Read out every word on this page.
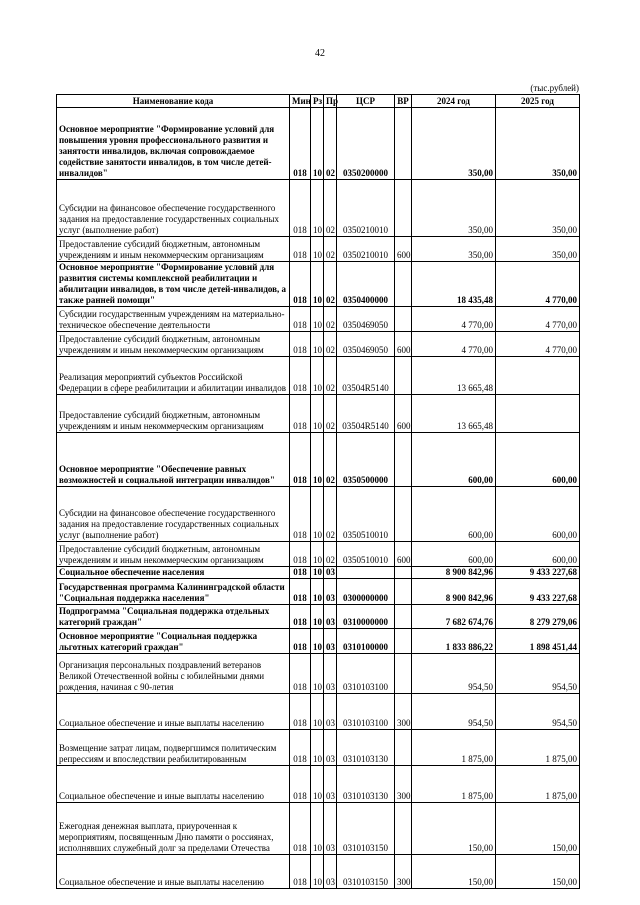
42
(тыс.рублей)
Наименование кода	Мин	Рз	Пр	ЦСР	ВР	2024 год	2025 год
Основное мероприятие "Формирование условий для повышения уровня профессионального развития и занятости инвалидов, включая сопровождаемое содействие занятости инвалидов, в том числе детей-инвалидов"	018	10	02	0350200000		350,00	350,00
Субсидии на финансовое обеспечение государственного задания на предоставление государственных социальных услуг (выполнение работ)	018	10	02	0350210010		350,00	350,00
Предоставление субсидий бюджетным, автономным учреждениям и иным некоммерческим организациям	018	10	02	0350210010	600	350,00	350,00
Основное мероприятие "Формирование условий для развития системы комплексной реабилитации и абилитации инвалидов, в том числе детей-инвалидов, а также ранней помощи"	018	10	02	0350400000		18 435,48	4 770,00
Субсидии государственным учреждениям на материально-техническое обеспечение деятельности	018	10	02	0350469050		4 770,00	4 770,00
Предоставление субсидий бюджетным, автономным учреждениям и иным некоммерческим организациям	018	10	02	0350469050	600	4 770,00	4 770,00
Реализация мероприятий субъектов Российской Федерации в сфере реабилитации и абилитации инвалидов	018	10	02	03504R5140		13 665,48	
Предоставление субсидий бюджетным, автономным учреждениям и иным некоммерческим организациям	018	10	02	03504R5140	600	13 665,48	
Основное мероприятие "Обеспечение равных возможностей и социальной интеграции инвалидов"	018	10	02	0350500000		600,00	600,00
Субсидии на финансовое обеспечение государственного задания на предоставление государственных социальных услуг (выполнение работ)	018	10	02	0350510010		600,00	600,00
Предоставление субсидий бюджетным, автономным учреждениям и иным некоммерческим организациям	018	10	02	0350510010	600	600,00	600,00
Социальное обеспечение населения	018	10	03			8 900 842,96	9 433 227,68
Государственная программа Калининградской области "Социальная поддержка населения"	018	10	03	0300000000		8 900 842,96	9 433 227,68
Подпрограмма "Социальная поддержка отдельных категорий граждан"	018	10	03	0310000000		7 682 674,76	8 279 279,06
Основное мероприятие "Социальная поддержка льготных категорий граждан"	018	10	03	0310100000		1 833 886,22	1 898 451,44
Организация персональных поздравлений ветеранов Великой Отечественной войны с юбилейными днями рождения, начиная с 90-летия	018	10	03	0310103100		954,50	954,50
Социальное обеспечение и иные выплаты населению	018	10	03	0310103100	300	954,50	954,50
Возмещение затрат лицам, подвергшимся политическим репрессиям и впоследствии реабилитированным	018	10	03	0310103130		1 875,00	1 875,00
Социальное обеспечение и иные выплаты населению	018	10	03	0310103130	300	1 875,00	1 875,00
Ежегодная денежная выплата, приуроченная к мероприятиям, посвященным Дню памяти о россиянах, исполнявших служебный долг за пределами Отечества	018	10	03	0310103150		150,00	150,00
Социальное обеспечение и иные выплаты населению	018	10	03	0310103150	300	150,00	150,00
